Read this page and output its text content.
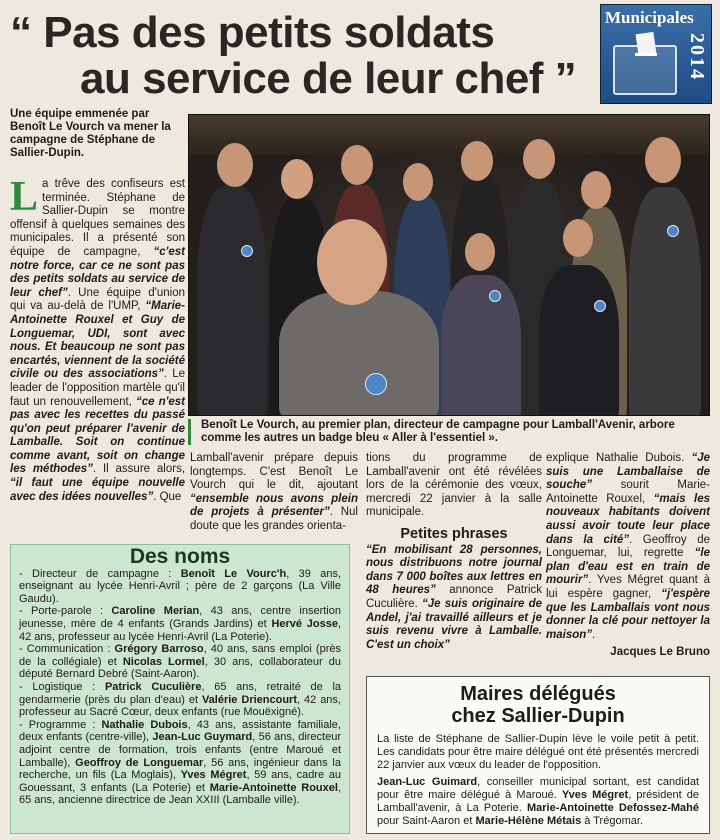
“ Pas des petits soldats
au service de leur chef ”
Municipales
2014
Une équipe emmenée par Benoît Le Vourch va mener la campagne de Stéphane de Sallier-Dupin.
Benoît Le Vourch, au premier plan, directeur de campagne pour Lamball'Avenir, arbore comme les autres un badge bleu « Aller à l'essentiel ».
La trêve des confiseurs est terminée. Stéphane de Sallier-Dupin se montre offensif à quelques semaines des municipales. Il a présenté son équipe de campagne, “c'est notre force, car ce ne sont pas des petits soldats au service de leur chef”. Une équipe d'union qui va au-delà de l'UMP, “Marie-Antoinette Rouxel et Guy de Longuemar, UDI, sont avec nous. Et beaucoup ne sont pas encartés, viennent de la société civile ou des associations”. Le leader de l'opposition martèle qu'il faut un renouvellement, “ce n'est pas avec les recettes du passé qu'on peut préparer l'avenir de Lamballe. Soit on continue comme avant, soit on change les méthodes”. Il assure alors, “il faut une équipe nouvelle avec des idées nouvelles”. Que
Lamball'avenir prépare depuis longtemps. C'est Benoît Le Vourch qui le dit, ajoutant “ensemble nous avons plein de projets à présenter”. Nul doute que les grandes orienta-
tions du programme de Lamball'avenir ont été révélées lors de la cérémonie des vœux, mercredi 22 janvier à la salle municipale.
Petites phrases
“En mobilisant 28 personnes, nous distribuons notre journal dans 7 000 boîtes aux lettres en 48 heures” annonce Patrick Cuculière. “Je suis originaire de Andel, j'ai travaillé ailleurs et je suis revenu vivre à Lamballe. C'est un choix”
explique Nathalie Dubois. “Je suis une Lamballaise de souche” sourit Marie-Antoinette Rouxel, “mais les nouveaux habitants doivent aussi avoir toute leur place dans la cité”. Geoffroy de Longuemar, lui, regrette “le plan d'eau est en train de mourir”. Yves Mégret quant à lui espère gagner, “j'espère que les Lamballais vont nous donner la clé pour nettoyer la maison”.
Jacques Le Bruno
Des noms

- Directeur de campagne : Benoît Le Vourc'h, 39 ans, enseignant au lycée Henri-Avril ; père de 2 garçons (La Ville Gaudu).

- Porte-parole : Caroline Merian, 43 ans, centre insertion jeunesse, mère de 4 enfants (Grands Jardins) et Hervé Josse, 42 ans, professeur au lycée Henri-Avril (La Poterie).

- Communication : Grégory Barroso, 40 ans, sans emploi (près de la collégiale) et Nicolas Lormel, 30 ans, collaborateur du député Bernard Debré (Saint-Aaron).

- Logistique : Patrick Cuculière, 65 ans, retraité de la gendarmerie (près du plan d'eau) et Valérie Driencourt, 42 ans, professeur au Sacré Cœur, deux enfants (rue Mouëxigné).

- Programme : Nathalie Dubois, 43 ans, assistante familiale, deux enfants (centre-ville), Jean-Luc Guymard, 56 ans, directeur adjoint centre de formation, trois enfants (entre Maroué et Lamballe), Geoffroy de Longuemar, 56 ans, ingénieur dans la recherche, un fils (La Moglais), Yves Mégret, 59 ans, cadre au Gouessant, 3 enfants (La Poterie) et Marie-Antoinette Rouxel, 65 ans, ancienne directrice de Jean XXIII (Lamballe ville).

Maires délégués
chez Sallier-Dupin

La liste de Stéphane de Sallier-Dupin lève le voile petit à petit. Les candidats pour être maire délégué ont été présentés mercredi 22 janvier aux vœux du leader de l'opposition.

Jean-Luc Guimard, conseiller municipal sortant, est candidat pour être maire délégué à Maroué. Yves Mégret, président de Lamball'avenir, à La Poterie. Marie-Antoinette Defossez-Mahé pour Saint-Aaron et Marie-Hélène Métais à Trégomar.
